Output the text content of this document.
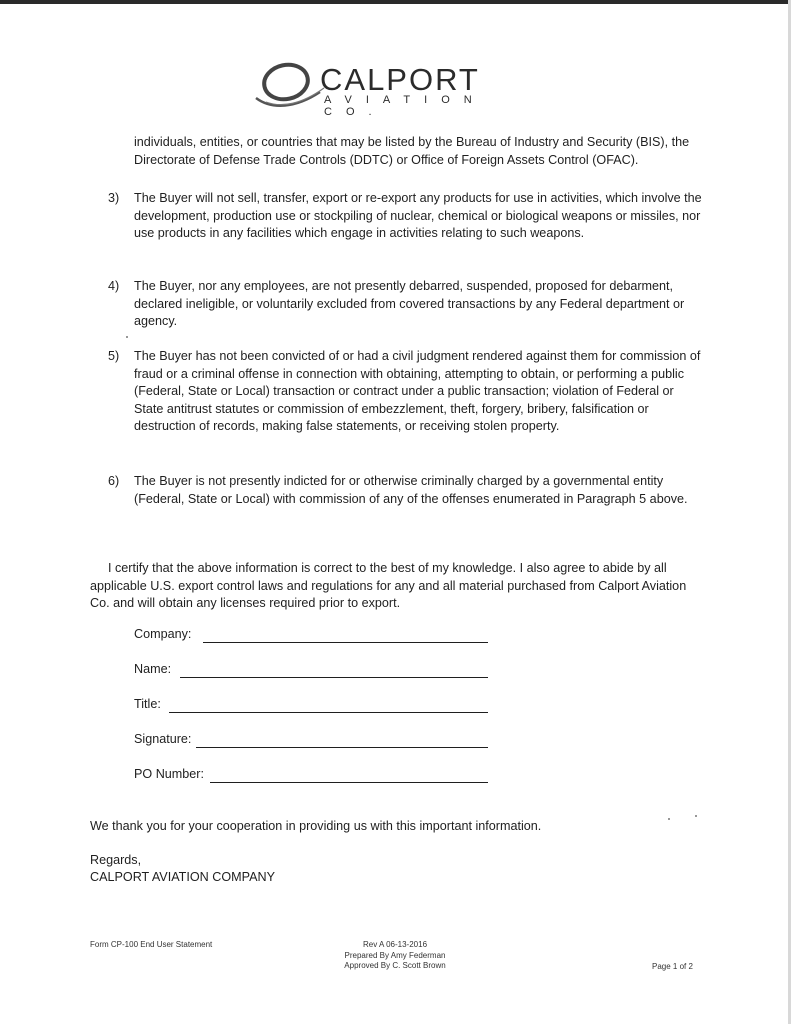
CALPORT
AVIATION CO.
individuals, entities, or countries that may be listed by the Bureau of Industry and Security (BIS), the Directorate of Defense Trade Controls (DDTC) or Office of Foreign Assets Control (OFAC).
3) The Buyer will not sell, transfer, export or re-export any products for use in activities, which involve the development, production use or stockpiling of nuclear, chemical or biological weapons or missiles, nor use products in any facilities which engage in activities relating to such weapons.
4) The Buyer, nor any employees, are not presently debarred, suspended, proposed for debarment, declared ineligible, or voluntarily excluded from covered transactions by any Federal department or agency.
5) The Buyer has not been convicted of or had a civil judgment rendered against them for commission of fraud or a criminal offense in connection with obtaining, attempting to obtain, or performing a public (Federal, State or Local) transaction or contract under a public transaction; violation of Federal or State antitrust statutes or commission of embezzlement, theft, forgery, bribery, falsification or destruction of records, making false statements, or receiving stolen property.
6) The Buyer is not presently indicted for or otherwise criminally charged by a governmental entity (Federal, State or Local) with commission of any of the offenses enumerated in Paragraph 5 above.
I certify that the above information is correct to the best of my knowledge. I also agree to abide by all applicable U.S. export control laws and regulations for any and all material purchased from Calport Aviation Co. and will obtain any licenses required prior to export.
Company:
Name:
Title:
Signature:
PO Number:
We thank you for your cooperation in providing us with this important information.
Regards,
CALPORT AVIATION COMPANY
Form CP-100 End User Statement	Rev A 06-13-2016
Prepared By Amy Federman
Approved By C. Scott Brown	Page 1 of 2
